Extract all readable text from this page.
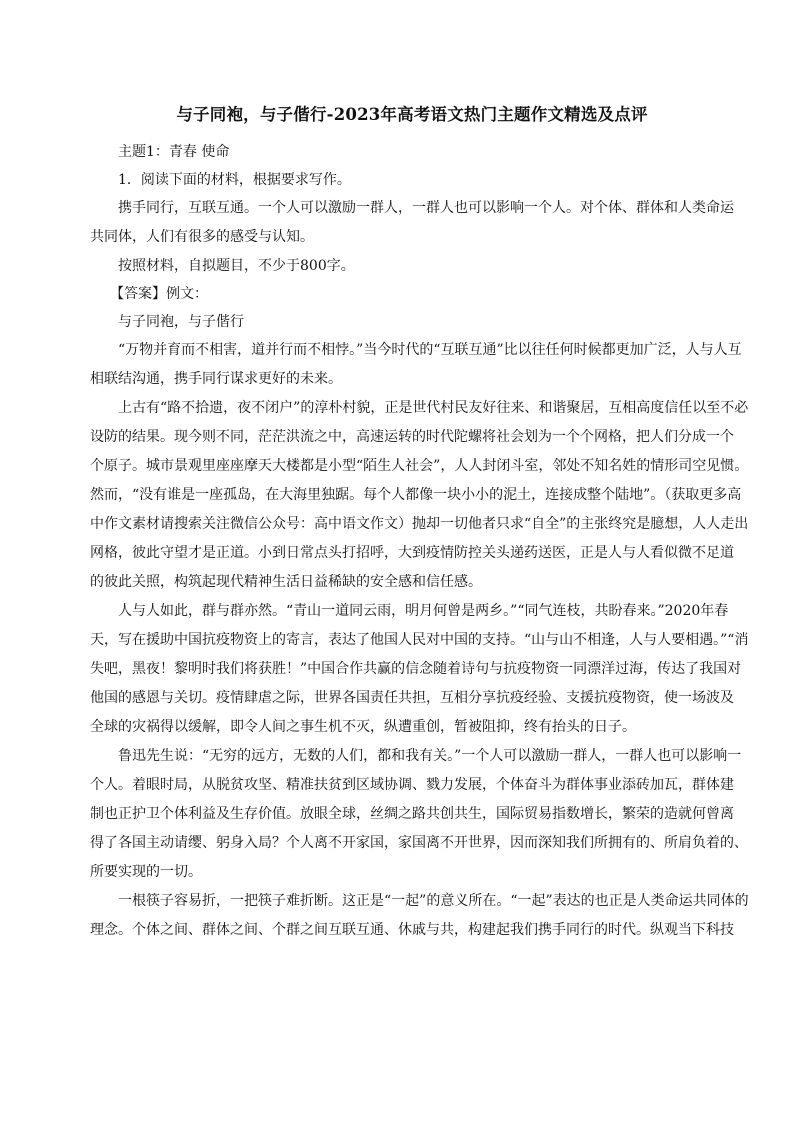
与子同袍，与子偕行-2023年高考语文热门主题作文精选及点评
主题1：青春 使命
1．阅读下面的材料，根据要求写作。
携手同行，互联互通。一个人可以激励一群人，一群人也可以影响一个人。对个体、群体和人类命运
共同体，人们有很多的感受与认知。
按照材料，自拟题目，不少于800字。
【答案】例文：
与子同袍，与子偕行
“万物并育而不相害，道并行而不相悖。”当今时代的“互联互通”比以往任何时候都更加广泛，人与人互
相联结沟通，携手同行谋求更好的未来。
上古有“路不拾遗，夜不闭户”的淳朴村貌，正是世代村民友好往来、和谐聚居，互相高度信任以至不必
设防的结果。现今则不同，茫茫洪流之中，高速运转的时代陀螺将社会划为一个个网格，把人们分成一个
个原子。城市景观里座座摩天大楼都是小型“陌生人社会”，人人封闭斗室，邻处不知名姓的情形司空见惯。
然而，“没有谁是一座孤岛，在大海里独踞。每个人都像一块小小的泥土，连接成整个陆地”。（获取更多高
中作文素材请搜索关注微信公众号：高中语文作文）抛却一切他者只求“自全”的主张终究是臆想，人人走出
网格，彼此守望才是正道。小到日常点头打招呼，大到疫情防控关头递药送医，正是人与人看似微不足道
的彼此关照，构筑起现代精神生活日益稀缺的安全感和信任感。
人与人如此，群与群亦然。“青山一道同云雨，明月何曾是两乡。”“同气连枝，共盼春来。”2020年春
天，写在援助中国抗疫物资上的寄言，表达了他国人民对中国的支持。“山与山不相逢，人与人要相遇。”“消
失吧，黑夜！黎明时我们将获胜！”中国合作共赢的信念随着诗句与抗疫物资一同漂洋过海，传达了我国对
他国的感恩与关切。疫情肆虐之际，世界各国责任共担，互相分享抗疫经验、支援抗疫物资，使一场波及
全球的灾祸得以缓解，即令人间之事生机不灭，纵遭重创，暂被阻抑，终有抬头的日子。
鲁迅先生说：“无穷的远方，无数的人们，都和我有关。”一个人可以激励一群人，一群人也可以影响一
个人。着眼时局，从脱贫攻坚、精准扶贫到区域协调、戮力发展，个体奋斗为群体事业添砖加瓦，群体建
制也正护卫个体利益及生存价值。放眼全球，丝绸之路共创共生，国际贸易指数增长，繁荣的造就何曾离
得了各国主动请缨、躬身入局？个人离不开家国，家国离不开世界，因而深知我们所拥有的、所肩负着的、
所要实现的一切。
一根筷子容易折，一把筷子难折断。这正是“一起”的意义所在。“一起”表达的也正是人类命运共同体的
理念。个体之间、群体之间、个群之间互联互通、休戚与共，构建起我们携手同行的时代。纵观当下科技
